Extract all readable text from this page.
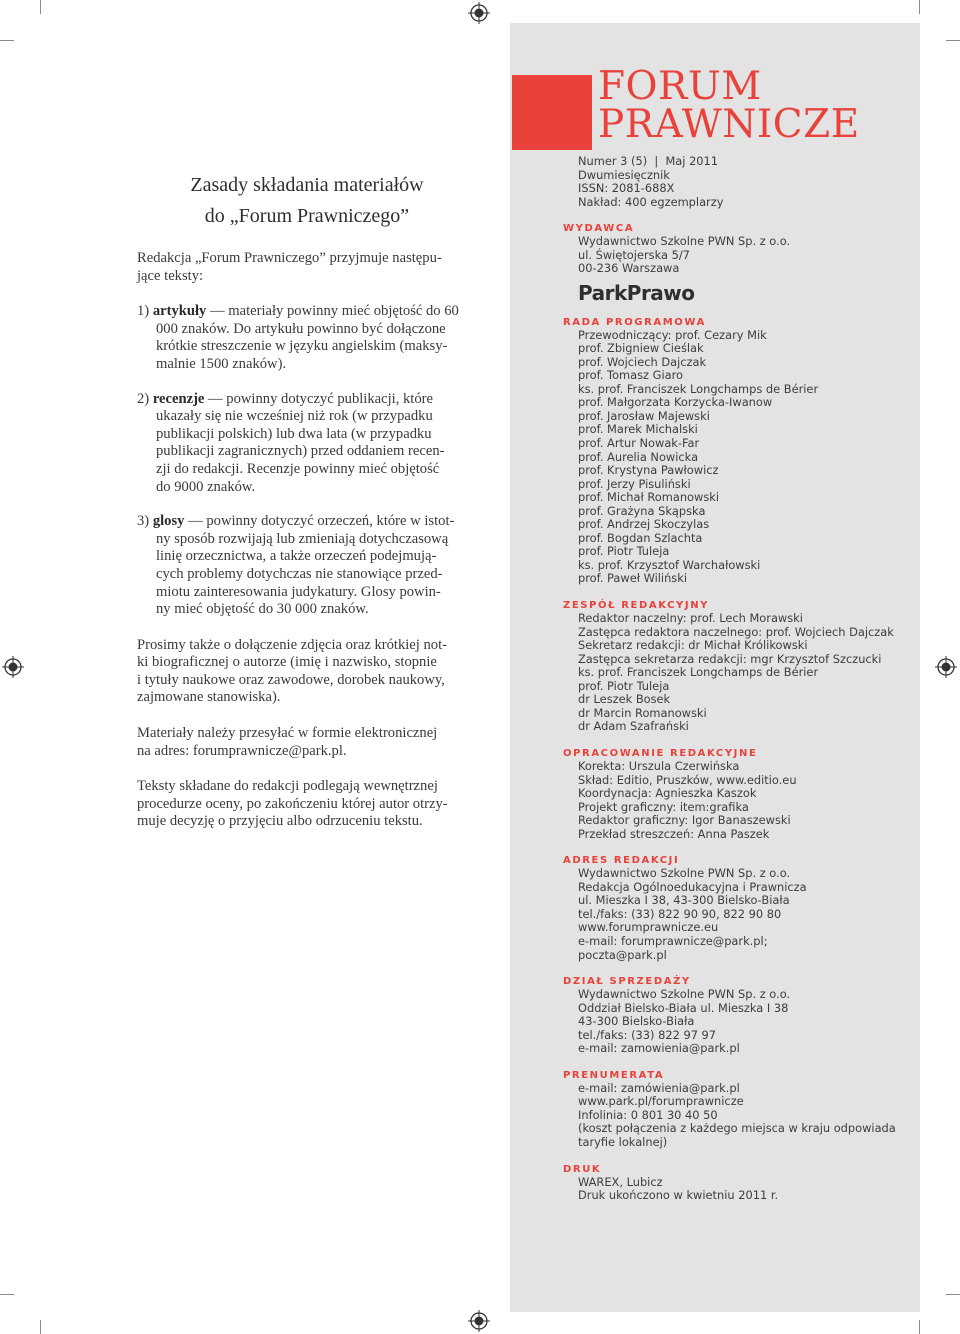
FORUM
PRAWNICZE
Numer 3 (5)  |  Maj 2011
Dwumiesięcznik
ISSN: 2081-688X
Nakład: 400 egzemplarzy
WYDAWCA
Wydawnictwo Szkolne PWN Sp. z o.o.
ul. Świętojerska 5/7
00-236 Warszawa
ParkPrawo
RADA PROGRAMOWA
Przewodniczący: prof. Cezary Mik
prof. Zbigniew Cieślak
prof. Wojciech Dajczak
prof. Tomasz Giaro
ks. prof. Franciszek Longchamps de Bérier
prof. Małgorzata Korzycka-Iwanow
prof. Jarosław Majewski
prof. Marek Michalski
prof. Artur Nowak-Far
prof. Aurelia Nowicka
prof. Krystyna Pawłowicz
prof. Jerzy Pisuliński
prof. Michał Romanowski
prof. Grażyna Skąpska
prof. Andrzej Skoczylas
prof. Bogdan Szlachta
prof. Piotr Tuleja
ks. prof. Krzysztof Warchałowski
prof. Paweł Wiliński
ZESPÓŁ REDAKCYJNY
Redaktor naczelny: prof. Lech Morawski
Zastępca redaktora naczelnego: prof. Wojciech Dajczak
Sekretarz redakcji: dr Michał Królikowski
Zastępca sekretarza redakcji: mgr Krzysztof Szczucki
ks. prof. Franciszek Longchamps de Bérier
prof. Piotr Tuleja
dr Leszek Bosek
dr Marcin Romanowski
dr Adam Szafrański
OPRACOWANIE REDAKCYJNE
Korekta: Urszula Czerwińska
Skład: Editio, Pruszków, www.editio.eu
Koordynacja: Agnieszka Kaszok
Projekt graficzny: item:grafika
Redaktor graficzny: Igor Banaszewski
Przekład streszczeń: Anna Paszek
ADRES REDAKCJI
Wydawnictwo Szkolne PWN Sp. z o.o.
Redakcja Ogólnoedukacyjna i Prawnicza
ul. Mieszka I 38, 43-300 Bielsko-Biała
tel./faks: (33) 822 90 90, 822 90 80
www.forumprawnicze.eu
e-mail: forumprawnicze@park.pl;
poczta@park.pl
DZIAŁ SPRZEDAŻY
Wydawnictwo Szkolne PWN Sp. z o.o.
Oddział Bielsko-Biała ul. Mieszka I 38
43-300 Bielsko-Biała
tel./faks: (33) 822 97 97
e-mail: zamowienia@park.pl
PRENUMERATA
e-mail: zamówienia@park.pl
www.park.pl/forumprawnicze
Infolinia: 0 801 30 40 50
(koszt połączenia z każdego miejsca w kraju odpowiada
taryfie lokalnej)
DRUK
WAREX, Lubicz
Druk ukończono w kwietniu 2011 r.
Zasady składania materiałów
do „Forum Prawniczego”
Redakcja „Forum Prawniczego” przyjmuje następu-
jące teksty:
1) artykuły — materiały powinny mieć objętość do 60
000 znaków. Do artykułu powinno być dołączone
krótkie streszczenie w języku angielskim (maksy-
malnie 1500 znaków).
2) recenzje — powinny dotyczyć publikacji, które
ukazały się nie wcześniej niż rok (w przypadku
publikacji polskich) lub dwa lata (w przypadku
publikacji zagranicznych) przed oddaniem recen-
zji do redakcji. Recenzje powinny mieć objętość
do 9000 znaków.
3) glosy — powinny dotyczyć orzeczeń, które w istot-
ny sposób rozwijają lub zmieniają dotychczasową
linię orzecznictwa, a także orzeczeń podejmują-
cych problemy dotychczas nie stanowiące przed-
miotu zainteresowania judykatury. Glosy powin-
ny mieć objętość do 30 000 znaków.
Prosimy także o dołączenie zdjęcia oraz krótkiej not-
ki biograficznej o autorze (imię i nazwisko, stopnie
i tytuły naukowe oraz zawodowe, dorobek naukowy,
zajmowane stanowiska).
Materiały należy przesyłać w formie elektronicznej
na adres: forumprawnicze@park.pl.
Teksty składane do redakcji podlegają wewnętrznej
procedurze oceny, po zakończeniu której autor otrzy-
muje decyzję o przyjęciu albo odrzuceniu tekstu.
